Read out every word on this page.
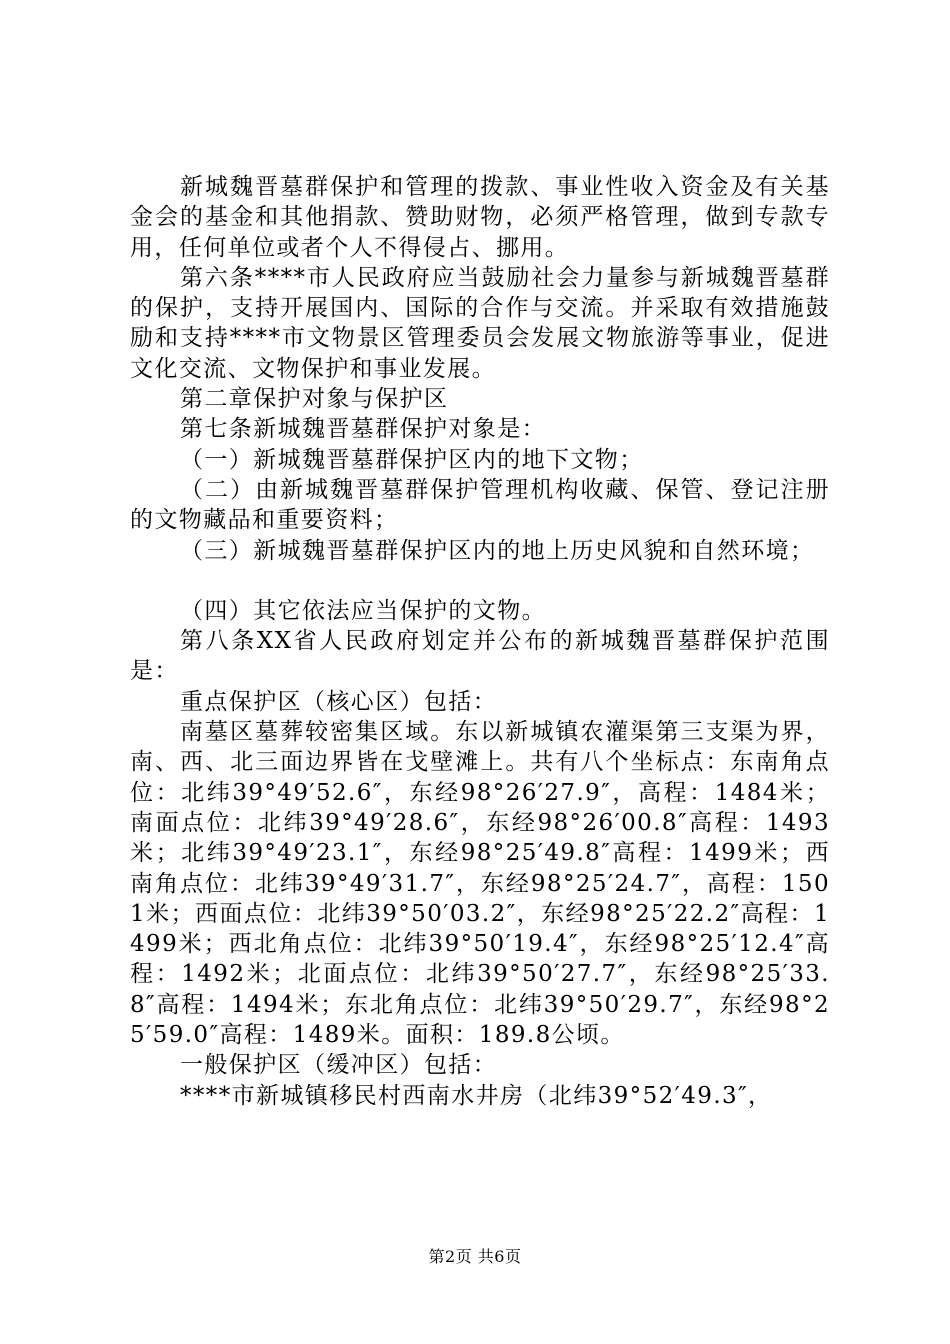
新城魏晋墓群保护和管理的拨款、事业性收入资金及有关基金会的基金和其他捐款、赞助财物，必须严格管理，做到专款专用，任何单位或者个人不得侵占、挪用。

第六条****市人民政府应当鼓励社会力量参与新城魏晋墓群的保护，支持开展国内、国际的合作与交流。并采取有效措施鼓励和支持****市文物景区管理委员会发展文物旅游等事业，促进文化交流、文物保护和事业发展。

第二章保护对象与保护区

第七条新城魏晋墓群保护对象是：

（一）新城魏晋墓群保护区内的地下文物；

（二）由新城魏晋墓群保护管理机构收藏、保管、登记注册的文物藏品和重要资料；

（三）新城魏晋墓群保护区内的地上历史风貌和自然环境；

（四）其它依法应当保护的文物。

第八条XX省人民政府划定并公布的新城魏晋墓群保护范围是：

重点保护区（核心区）包括：

南墓区墓葬较密集区域。东以新城镇农灌渠第三支渠为界，南、西、北三面边界皆在戈壁滩上。共有八个坐标点：东南角点位：北纬39°49′52.6″，东经98°26′27.9″，高程：1484米；南面点位：北纬39°49′28.6″，东经98°26′00.8″高程：1493米；北纬39°49′23.1″，东经98°25′49.8″高程：1499米；西南角点位：北纬39°49′31.7″，东经98°25′24.7″，高程：1501米；西面点位：北纬39°50′03.2″，东经98°25′22.2″高程：1499米；西北角点位：北纬39°50′19.4″，东经98°25′12.4″高程：1492米；北面点位：北纬39°50′27.7″，东经98°25′33.8″高程：1494米；东北角点位：北纬39°50′29.7″，东经98°25′59.0″高程：1489米。面积：189.8公顷。

一般保护区（缓冲区）包括：

****市新城镇移民村西南水井房（北纬39°52′49.3″，

第2页 共6页
